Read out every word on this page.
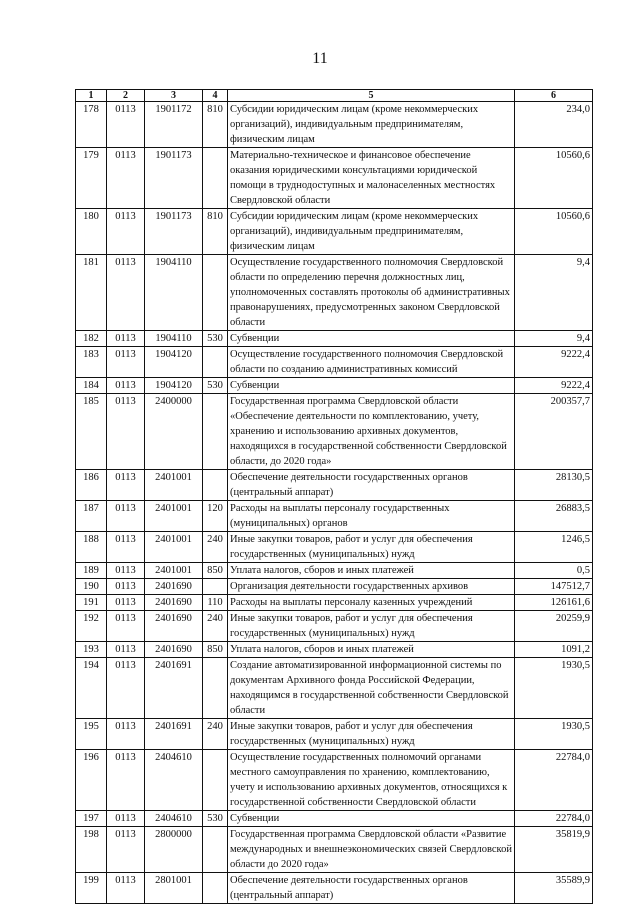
11
1	2	3	4	5	6
178	0113	1901172	810	Субсидии юридическим лицам (кроме некоммерческих организаций), индивидуальным предпринимателям, физическим лицам	234,0
179	0113	1901173		Материально-техническое и финансовое обеспечение оказания юридическими консультациями юридической помощи в труднодоступных и малонаселенных местностях Свердловской области	10560,6
180	0113	1901173	810	Субсидии юридическим лицам (кроме некоммерческих организаций), индивидуальным предпринимателям, физическим лицам	10560,6
181	0113	1904110		Осуществление государственного полномочия Свердловской области по определению перечня должностных лиц, уполномоченных составлять протоколы об административных правонарушениях, предусмотренных законом Свердловской области	9,4
182	0113	1904110	530	Субвенции	9,4
183	0113	1904120		Осуществление государственного полномочия Свердловской области по созданию административных комиссий	9222,4
184	0113	1904120	530	Субвенции	9222,4
185	0113	2400000		Государственная программа Свердловской области «Обеспечение деятельности по комплектованию, учету, хранению и использованию архивных документов, находящихся в государственной собственности Свердловской области, до 2020 года»	200357,7
186	0113	2401001		Обеспечение деятельности государственных органов (центральный аппарат)	28130,5
187	0113	2401001	120	Расходы на выплаты персоналу государственных (муниципальных) органов	26883,5
188	0113	2401001	240	Иные закупки товаров, работ и услуг для обеспечения государственных (муниципальных) нужд	1246,5
189	0113	2401001	850	Уплата налогов, сборов и иных платежей	0,5
190	0113	2401690		Организация деятельности государственных архивов	147512,7
191	0113	2401690	110	Расходы на выплаты персоналу казенных учреждений	126161,6
192	0113	2401690	240	Иные закупки товаров, работ и услуг для обеспечения государственных (муниципальных) нужд	20259,9
193	0113	2401690	850	Уплата налогов, сборов и иных платежей	1091,2
194	0113	2401691		Создание автоматизированной информационной системы по документам Архивного фонда Российской Федерации, находящимся в государственной собственности Свердловской области	1930,5
195	0113	2401691	240	Иные закупки товаров, работ и услуг для обеспечения государственных (муниципальных) нужд	1930,5
196	0113	2404610		Осуществление государственных полномочий органами местного самоуправления по хранению, комплектованию, учету и использованию архивных документов, относящихся к государственной собственности Свердловской области	22784,0
197	0113	2404610	530	Субвенции	22784,0
198	0113	2800000		Государственная программа Свердловской области «Развитие международных и внешнеэкономических связей Свердловской области до 2020 года»	35819,9
199	0113	2801001		Обеспечение деятельности государственных органов (центральный аппарат)	35589,9
